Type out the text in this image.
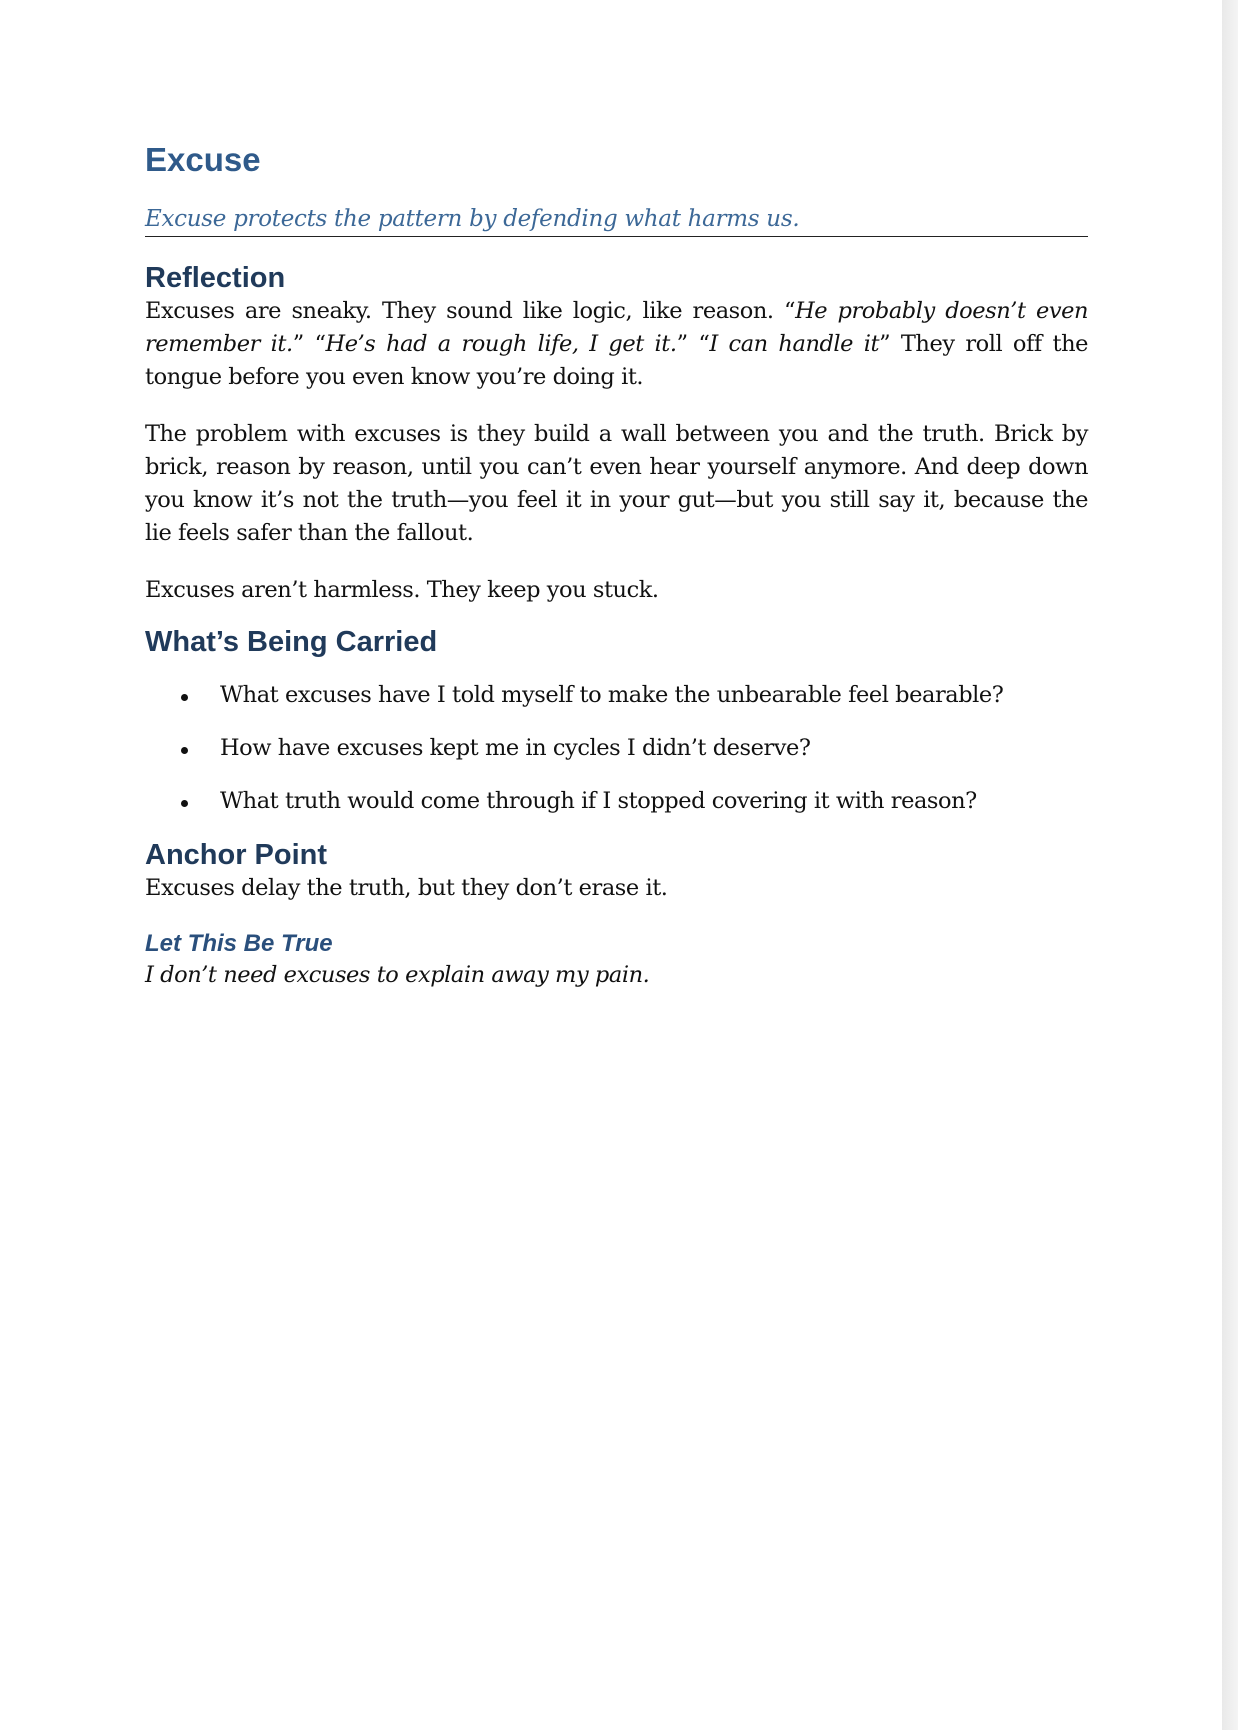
Excuse
Excuse protects the pattern by defending what harms us.
Reflection

Excuses are sneaky. They sound like logic, like reason. “He probably doesn’t even remember it.” “He’s had a rough life, I get it.” “I can handle it” They roll off the tongue before you even know you’re doing it.

The problem with excuses is they build a wall between you and the truth. Brick by brick, reason by reason, until you can’t even hear yourself anymore. And deep down you know it’s not the truth—you feel it in your gut—but you still say it, because the lie feels safer than the fallout.

Excuses aren’t harmless. They keep you stuck.

What’s Being Carried
What excuses have I told myself to make the unbearable feel bearable?
How have excuses kept me in cycles I didn’t deserve?
What truth would come through if I stopped covering it with reason?
Anchor Point

Excuses delay the truth, but they don’t erase it.

Let This Be True
I don’t need excuses to explain away my pain.
